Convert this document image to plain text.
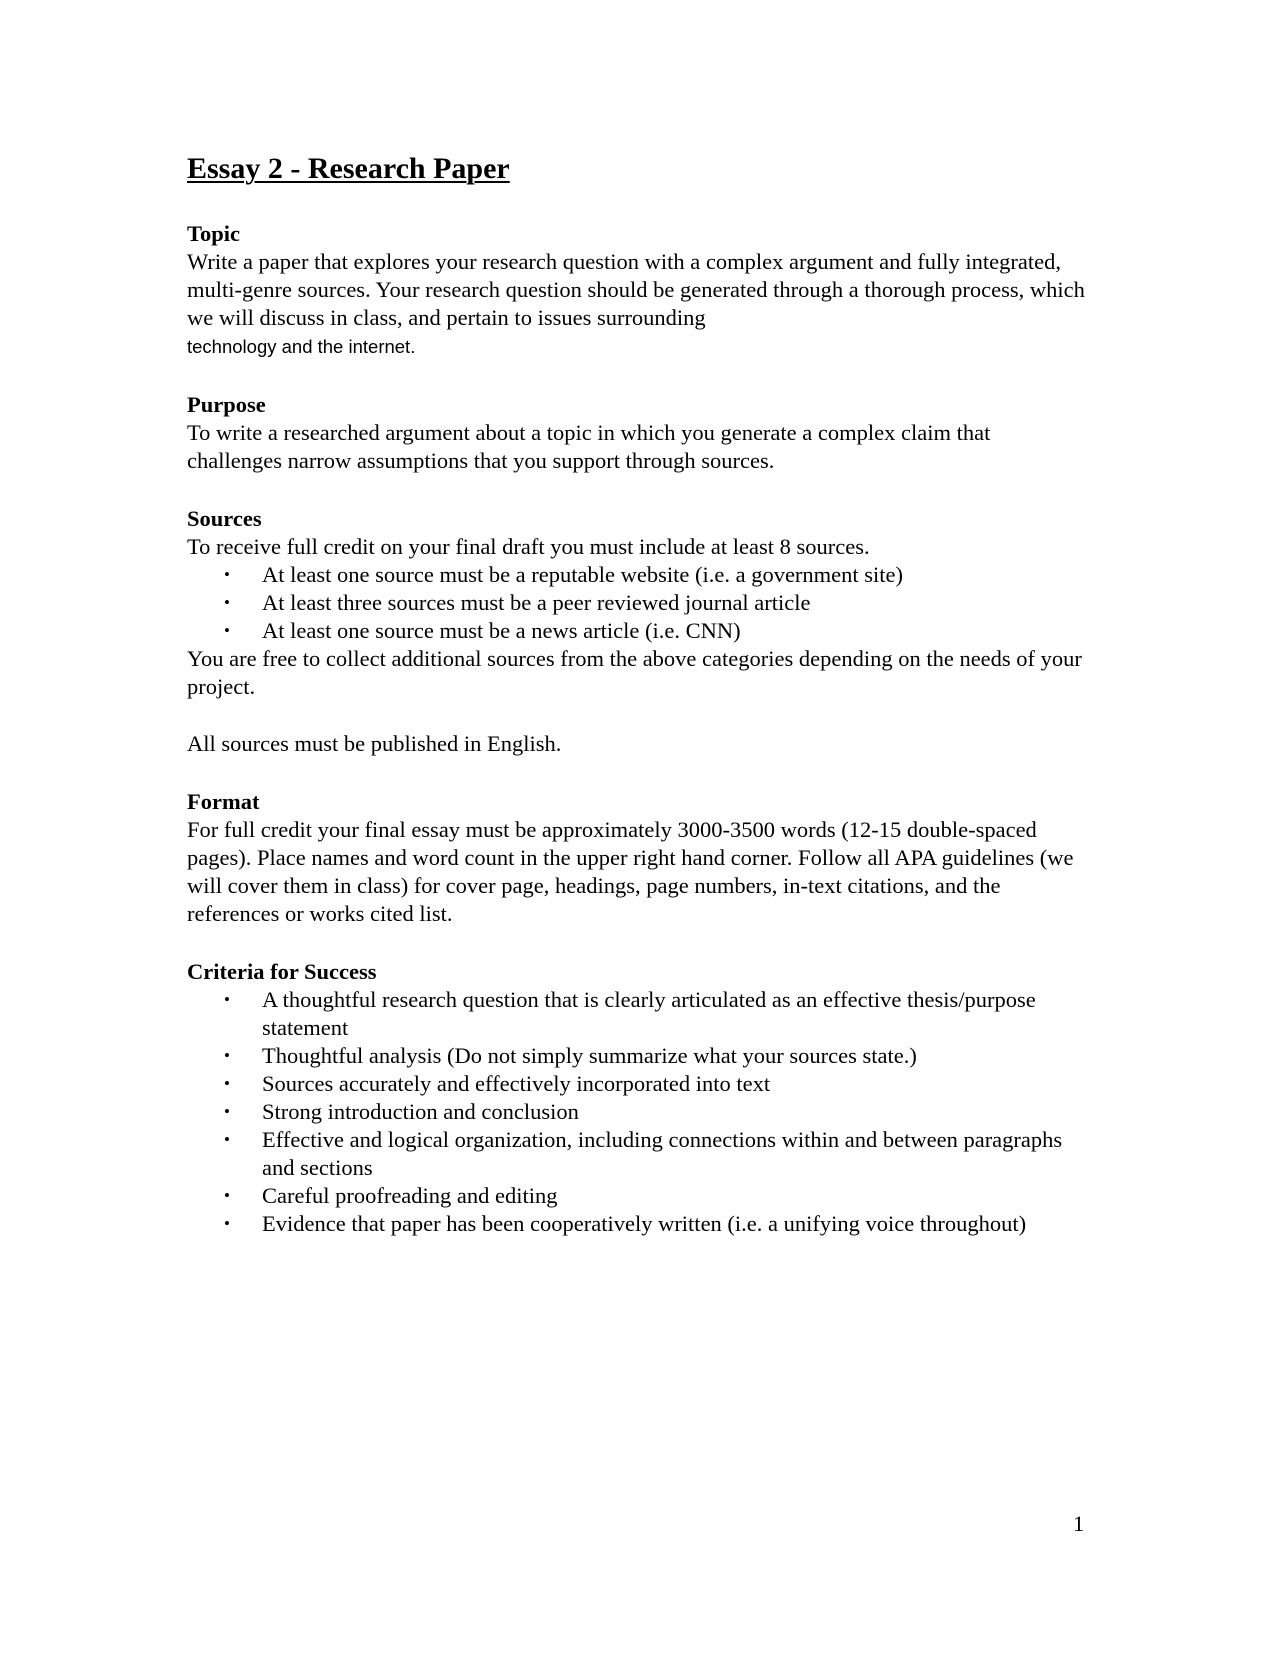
Essay 2 - Research Paper

Topic

Write a paper that explores your research question with a complex argument and fully integrated, multi-genre sources. Your research question should be generated through a thorough process, which we will discuss in class, and pertain to issues surrounding
technology and the internet.

Purpose

To write a researched argument about a topic in which you generate a complex claim that challenges narrow assumptions that you support through sources.

Sources

To receive full credit on your final draft you must include at least 8 sources.

• At least one source must be a reputable website (i.e. a government site)
• At least three sources must be a peer reviewed journal article
• At least one source must be a news article (i.e. CNN)

You are free to collect additional sources from the above categories depending on the needs of your project.

All sources must be published in English.

Format

For full credit your final essay must be approximately 3000-3500 words (12-15 double-spaced pages). Place names and word count in the upper right hand corner. Follow all APA guidelines (we will cover them in class) for cover page, headings, page numbers, in-text citations, and the references or works cited list.

Criteria for Success

• A thoughtful research question that is clearly articulated as an effective thesis/purpose statement
• Thoughtful analysis (Do not simply summarize what your sources state.)
• Sources accurately and effectively incorporated into text
• Strong introduction and conclusion
• Effective and logical organization, including connections within and between paragraphs and sections
• Careful proofreading and editing
• Evidence that paper has been cooperatively written (i.e. a unifying voice throughout)
1
